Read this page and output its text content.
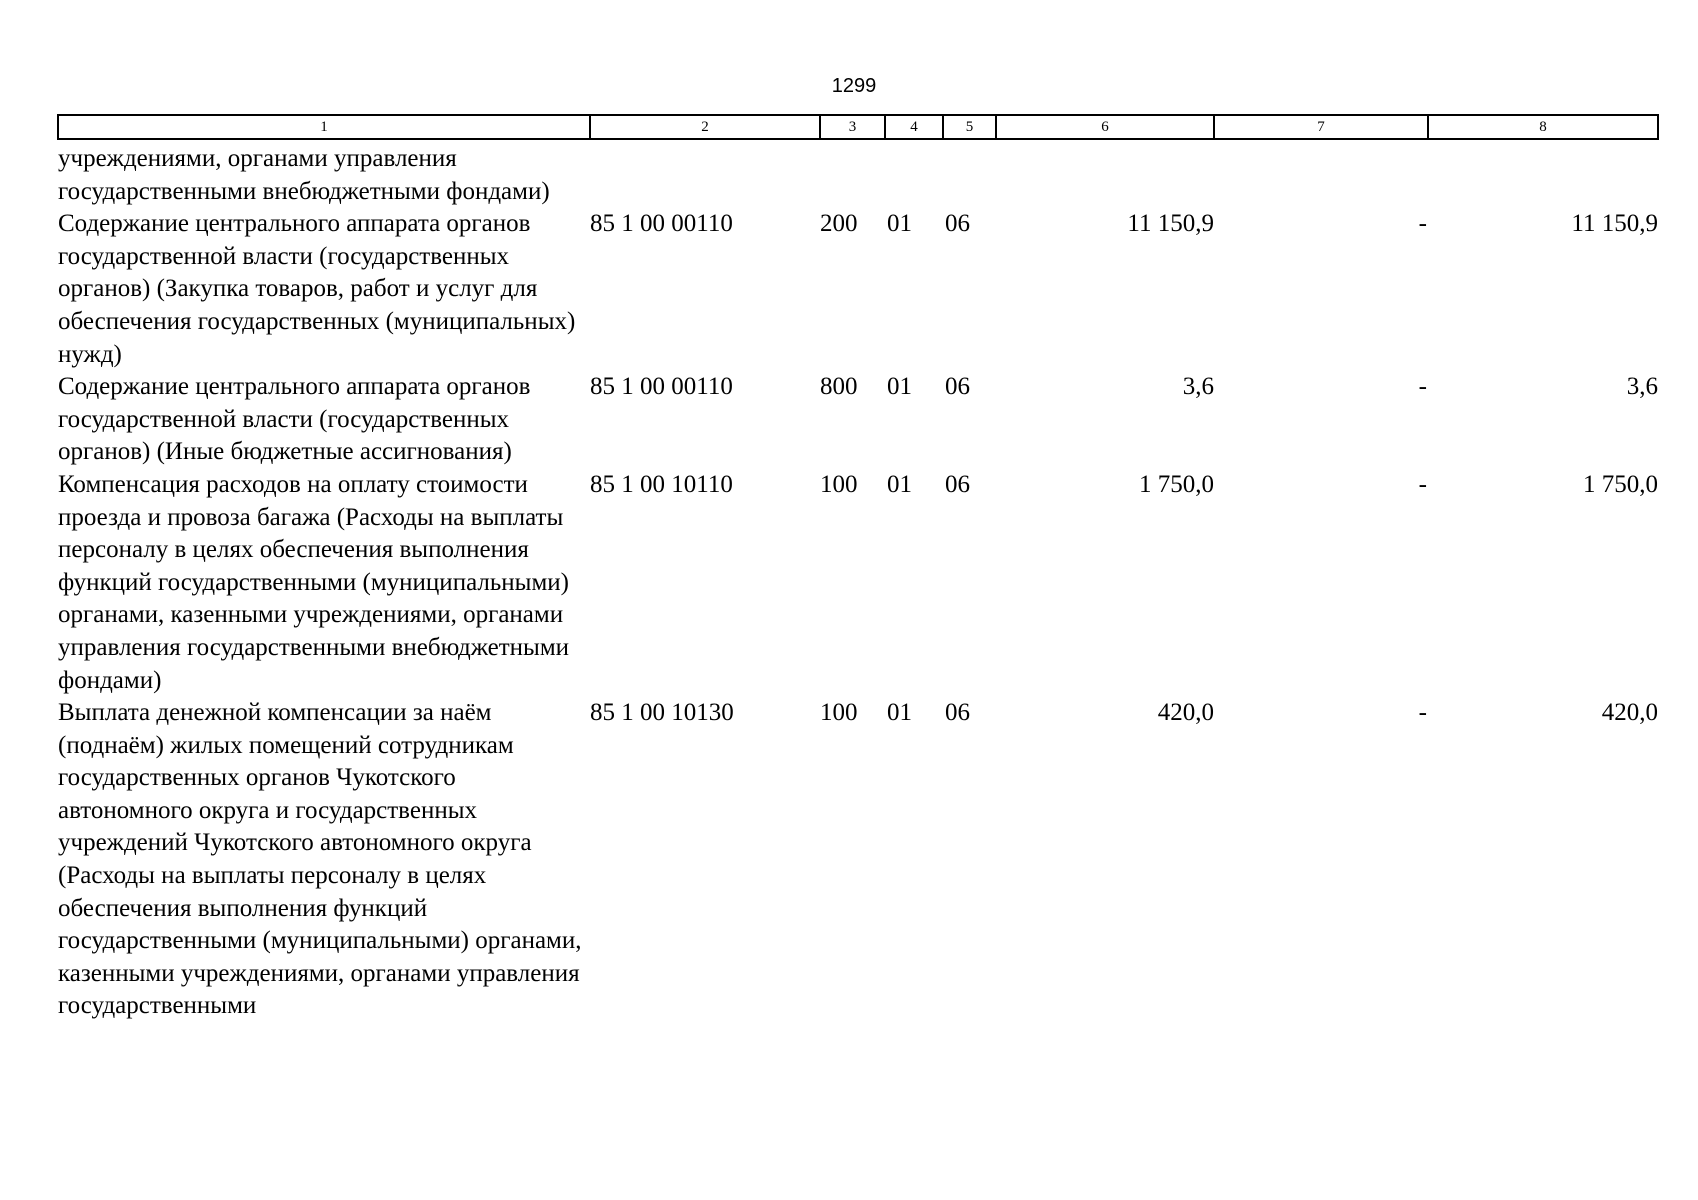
1299
1	2	3	4	5	6	7	8
учреждениями, органами управления государственными внебюджетными фондами)							
Содержание центрального аппарата органов государственной власти (государственных органов) (Закупка товаров, работ и услуг для обеспечения государственных (муниципальных) нужд)	85 1 00 00110	200	01	06	11 150,9	-	11 150,9
Содержание центрального аппарата органов государственной власти (государственных органов) (Иные бюджетные ассигнования)	85 1 00 00110	800	01	06	3,6	-	3,6
Компенсация расходов на оплату стоимости проезда и провоза багажа (Расходы на выплаты персоналу в целях обеспечения выполнения функций государственными (муниципальными) органами, казенными учреждениями, органами управления государственными внебюджетными фондами)	85 1 00 10110	100	01	06	1 750,0	-	1 750,0
Выплата денежной компенсации за наём (поднаём) жилых помещений сотрудникам государственных органов Чукотского автономного округа и государственных учреждений Чукотского автономного округа (Расходы на выплаты персоналу в целях обеспечения выполнения функций государственными (муниципальными) органами, казенными учреждениями, органами управления государственными	85 1 00 10130	100	01	06	420,0	-	420,0
